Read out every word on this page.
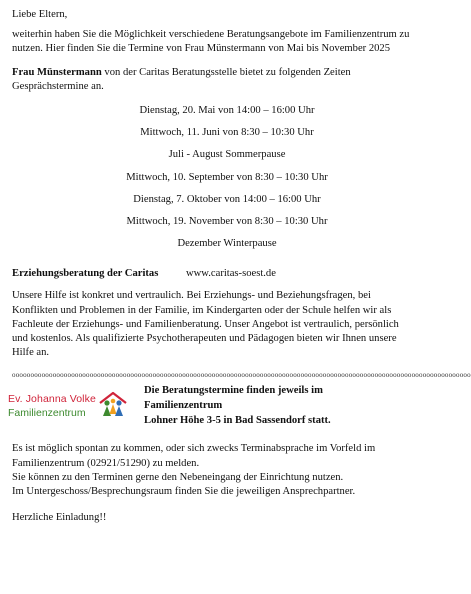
Liebe Eltern,

weiterhin haben Sie die Möglichkeit verschiedene Beratungsangebote im Familienzentrum zu nutzen. Hier finden Sie die Termine von Frau Münstermann von Mai bis November 2025

Frau Münstermann von der Caritas Beratungsstelle bietet zu folgenden Zeiten Gesprächstermine an.

Dienstag, 20. Mai von 14:00 – 16:00 Uhr
Mittwoch, 11. Juni von 8:30 – 10:30 Uhr
Juli - August Sommerpause
Mittwoch, 10. September von 8:30 – 10:30 Uhr
Dienstag, 7. Oktober von 14:00 – 16:00 Uhr
Mittwoch, 19. November von 8:30 – 10:30 Uhr
Dezember Winterpause
Erziehungsberatung der Caritas	www.caritas-soest.de

Unsere Hilfe ist konkret und vertraulich. Bei Erziehungs- und Beziehungsfragen, bei Konflikten und Problemen in der Familie, im Kindergarten oder der Schule helfen wir als Fachleute der Erziehungs- und Familienberatung. Unser Angebot ist vertraulich, persönlich und kostenlos. Als qualifizierte Psychotherapeuten und Pädagogen bieten wir Ihnen unsere Hilfe an.

oooooooooooooooooooooooooooooooooooooooooooooooooooooooooooooooooooooooooooooooooooooooooooooooooooooooooooooooooooooooooooo
Ev. Johanna Volke
Familienzentrum
Die Beratungstermine finden jeweils im
Familienzentrum
Lohner Höhe 3-5 in Bad Sassendorf statt.
Es ist möglich spontan zu kommen, oder sich zwecks Terminabsprache im Vorfeld im
Familienzentrum (02921/51290) zu melden.
Sie können zu den Terminen gerne den Nebeneingang der Einrichtung nutzen.
Im Untergeschoss/Besprechungsraum finden Sie die jeweiligen Ansprechpartner.

Herzliche Einladung!!
